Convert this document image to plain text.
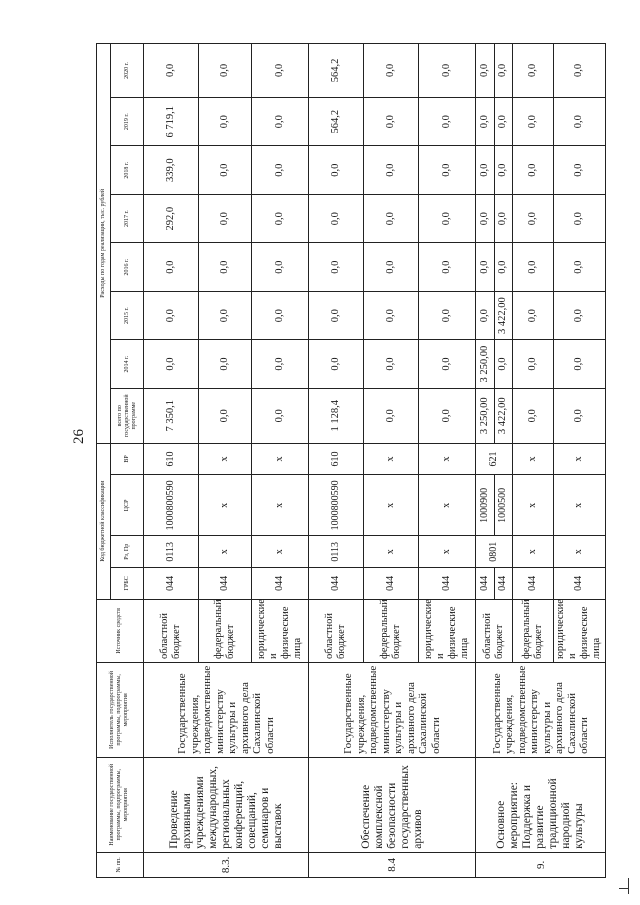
26
№ пп.	Наименование государственной программы, подпрограммы, мероприятия	Исполнитель государственной программы, подпрограммы, мероприятия	Источник средств	Код бюджетной классификации				Расходы по годам реализации, тыс. рублей							
				ГРБС	Рз, Пр	ЦСР	ВР	всего по государственной программе	2014 г.	2015 г.	2016 г.	2017 г.	2018 г.	2019 г.	2020 г.
8.3.	Проведение архивными учреждениями международных, региональных конференций, совещаний, семинаров и выставок	Государственные учреждения, подведомственные министерству культуры и архивного дела Сахалинской области	областной бюджет	044	0113	1000800590	610	7 350,1	0,0	0,0	0,0	292,0	339,0	6 719,1	0,0
			федеральный бюджет	044	x	x	x	0,0	0,0	0,0	0,0	0,0	0,0	0,0	0,0
			юридические и физические лица	044	x	x	x	0,0	0,0	0,0	0,0	0,0	0,0	0,0	0,0
8.4	Обеспечение комплексной безопасности государственных архивов	Государственные учреждения, подведомственные министерству культуры и архивного дела Сахалинской области	областной бюджет	044	0113	1000800590	610	1 128,4	0,0	0,0	0,0	0,0	0,0	564,2	564,2
			федеральный бюджет	044	x	x	x	0,0	0,0	0,0	0,0	0,0	0,0	0,0	0,0
			юридические и физические лица	044	x	x	x	0,0	0,0	0,0	0,0	0,0	0,0	0,0	0,0
9.	Основное мероприятие: Поддержка и развитие традиционной народной культуры	Государственные учреждения, подведомственные министерству культуры и архивного дела Сахалинской области	областной бюджет	044	0801	1000900	621	3 250,00	3 250,00	0,0	0,0	0,0	0,0	0,0	0,0
				044		1000500		3 422,00	0,0	3 422,00	0,0	0,0	0,0	0,0	0,0
			федеральный бюджет	044	x	x	x	0,0	0,0	0,0	0,0	0,0	0,0	0,0	0,0
			юридические и физические лица	044	x	x	x	0,0	0,0	0,0	0,0	0,0	0,0	0,0	0,0
